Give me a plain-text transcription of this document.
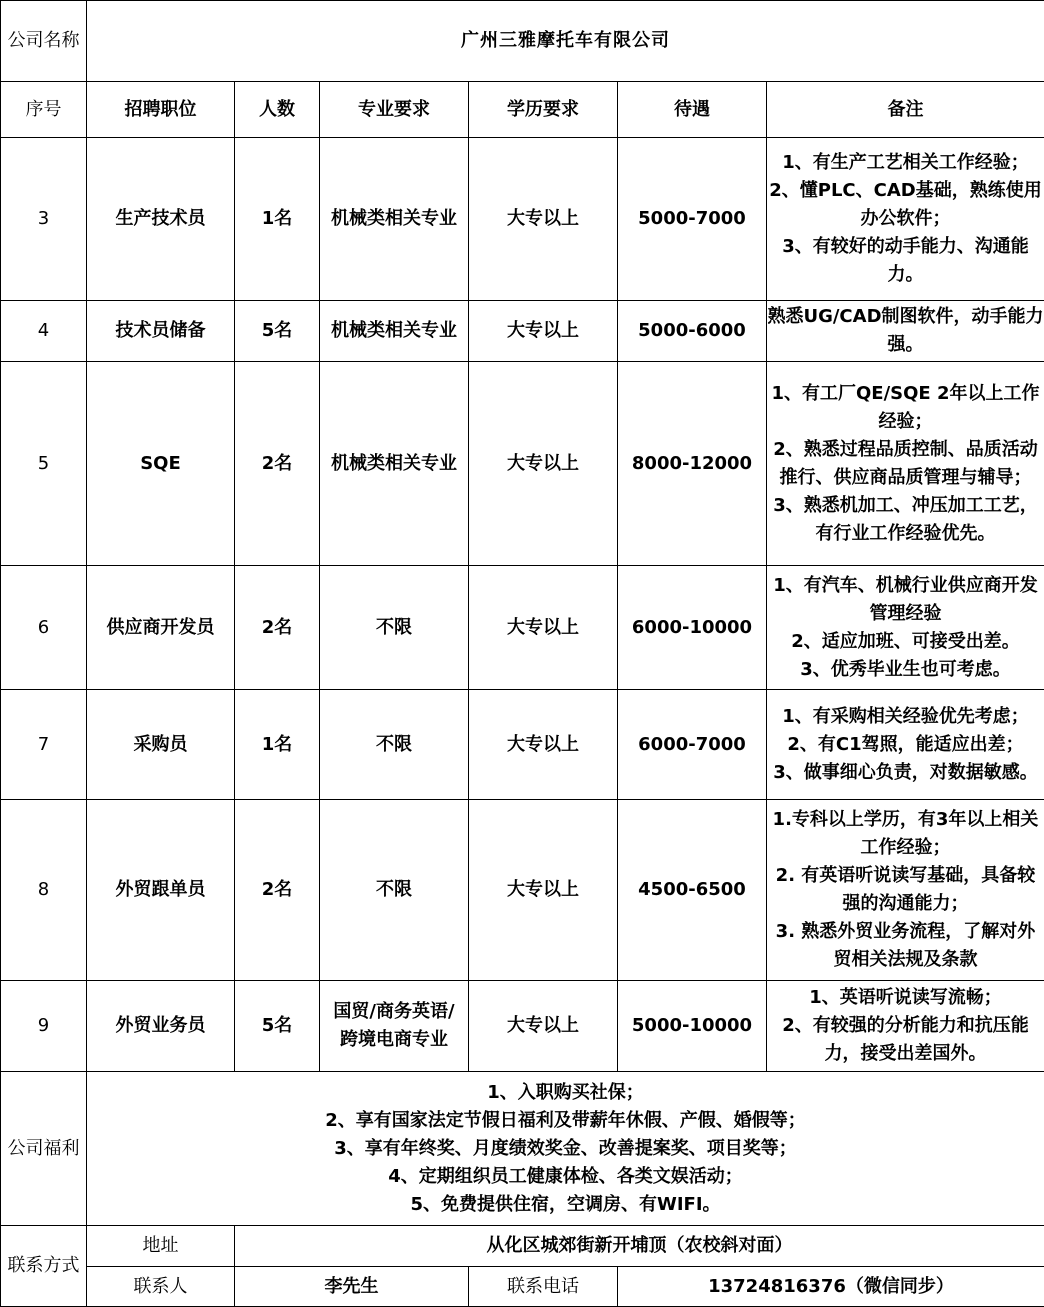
公司名称	广州三雅摩托车有限公司					
序号	招聘职位	人数	专业要求	学历要求	待遇	备注
3	生产技术员	1名	机械类相关专业	大专以上	5000-7000	1、有生产工艺相关工作经验；
2、懂PLC、CAD基础，熟练使用办公软件；
3、有较好的动手能力、沟通能力。

4	技术员储备	5名	机械类相关专业	大专以上	5000-6000	熟悉UG/CAD制图软件，动手能力强。

5	SQE	2名	机械类相关专业	大专以上	8000-12000	1、有工厂QE/SQE 2年以上工作经验；
2、熟悉过程品质控制、品质活动推行、供应商品质管理与辅导；
3、熟悉机加工、冲压加工工艺，有行业工作经验优先。

6	供应商开发员	2名	不限	大专以上	6000-10000	1、有汽车、机械行业供应商开发管理经验
2、适应加班、可接受出差。
3、优秀毕业生也可考虑。

7	采购员	1名	不限	大专以上	6000-7000	1、有采购相关经验优先考虑；
2、有C1驾照，能适应出差；
3、做事细心负责，对数据敏感。

8	外贸跟单员	2名	不限	大专以上	4500-6500	1.专科以上学历，有3年以上相关工作经验；
2. 有英语听说读写基础，具备较强的沟通能力；
3. 熟悉外贸业务流程，了解对外贸相关法规及条款

9	外贸业务员	5名	国贸/商务英语/跨境电商专业	大专以上	5000-10000	1、英语听说读写流畅；
2、有较强的分析能力和抗压能力，接受出差国外。

公司福利	1、入职购买社保；
2、享有国家法定节假日福利及带薪年休假、产假、婚假等；
3、享有年终奖、月度绩效奖金、改善提案奖、项目奖等；
4、定期组织员工健康体检、各类文娱活动；
5、免费提供住宿，空调房、有WIFI。					

联系方式	地址	从化区城郊街新开埔顶（农校斜对面）				
	联系人	李先生		联系电话	13724816376（微信同步）	
